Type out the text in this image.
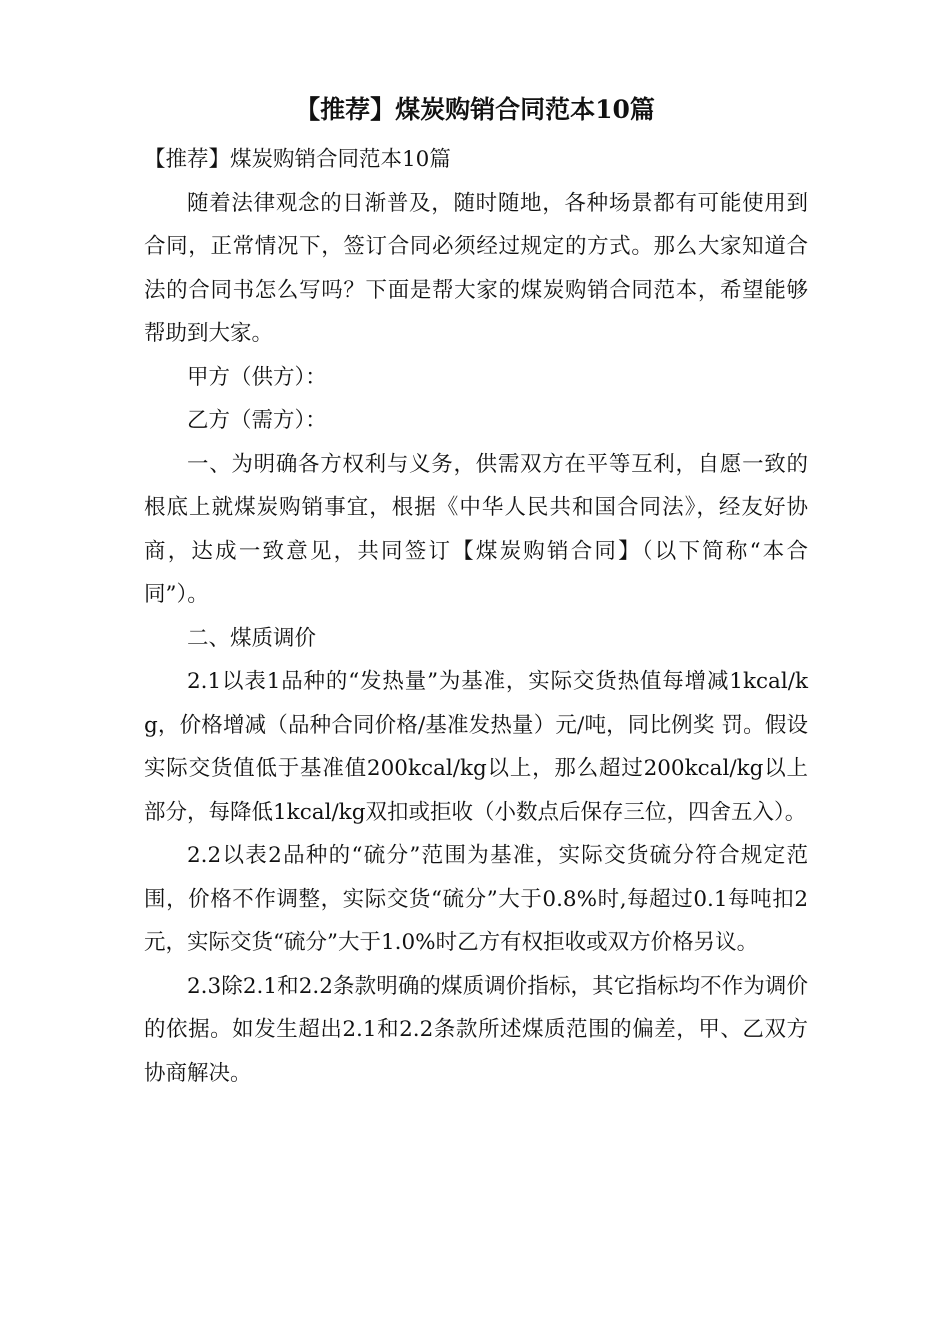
【推荐】煤炭购销合同范本10篇

【推荐】煤炭购销合同范本10篇

随着法律观念的日渐普及，随时随地，各种场景都有可能使用到合同，正常情况下，签订合同必须经过规定的方式。那么大家知道合法的合同书怎么写吗？下面是帮大家的煤炭购销合同范本，希望能够帮助到大家。

甲方（供方）：

乙方（需方）：

一、为明确各方权利与义务，供需双方在平等互利，自愿一致的根底上就煤炭购销事宜，根据《中华人民共和国合同法》，经友好协商，达成一致意见，共同签订【煤炭购销合同】（以下简称“本合同”）。

二、煤质调价

2.1以表1品种的“发热量”为基准，实际交货热值每增减1kcal/kg，价格增减（品种合同价格/基准发热量）元/吨，同比例奖 罚。假设实际交货值低于基准值200kcal/kg以上，那么超过200kcal/kg以上部分，每降低1kcal/kg双扣或拒收（小数点后保存三位，四舍五入）。

2.2以表2品种的“硫分”范围为基准，实际交货硫分符合规定范围，价格不作调整，实际交货“硫分”大于0.8%时,每超过0.1每吨扣2元，实际交货“硫分”大于1.0%时乙方有权拒收或双方价格另议。

2.3除2.1和2.2条款明确的煤质调价指标，其它指标均不作为调价的依据。如发生超出2.1和2.2条款所述煤质范围的偏差，甲、乙双方协商解决。
